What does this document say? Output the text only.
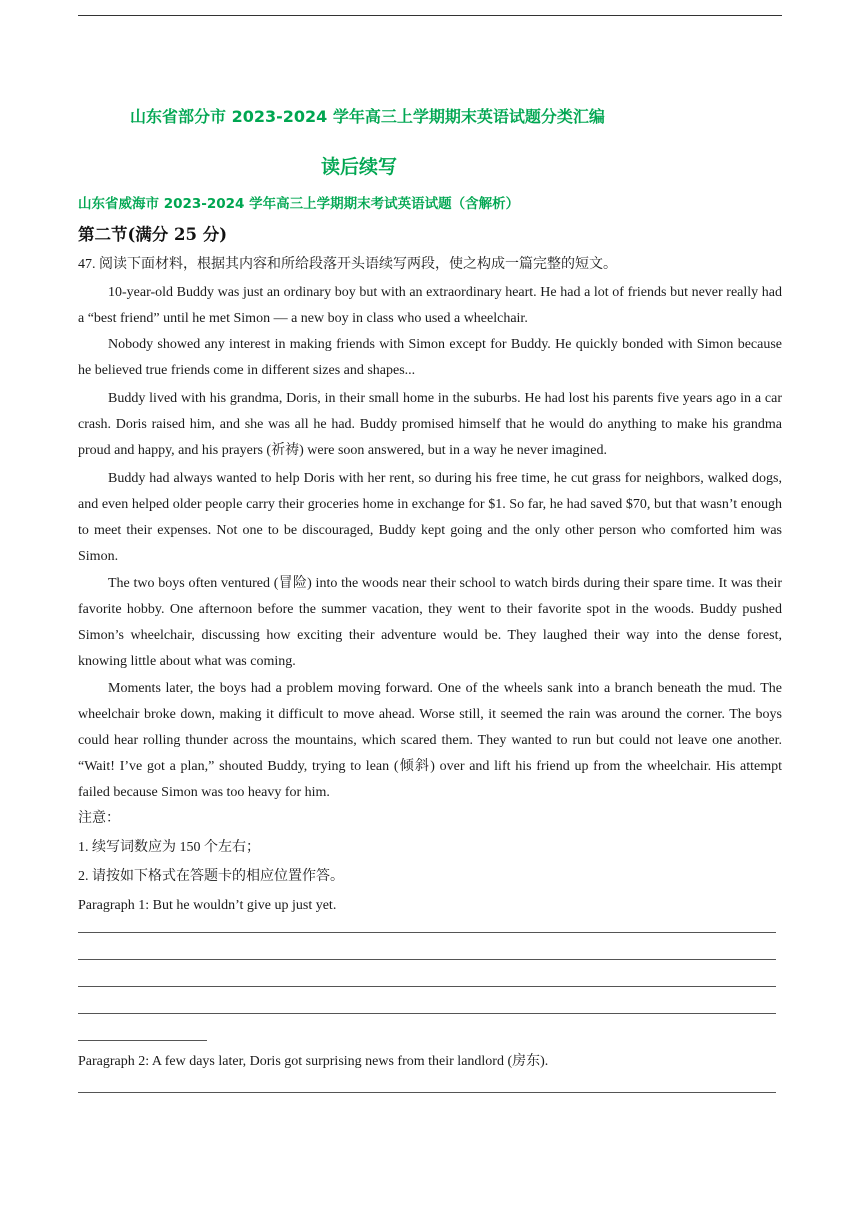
山东省部分市 2023-2024 学年高三上学期期末英语试题分类汇编
读后续写
山东省威海市 2023-2024 学年高三上学期期末考试英语试题（含解析）
第二节(满分 25 分)

47. 阅读下面材料，根据其内容和所给段落开头语续写两段，使之构成一篇完整的短文。

10-year-old Buddy was just an ordinary boy but with an extraordinary heart. He had a lot of friends but never really had a “best friend” until he met Simon — a new boy in class who used a wheelchair.

Nobody showed any interest in making friends with Simon except for Buddy. He quickly bonded with Simon because he believed true friends come in different sizes and shapes...

Buddy lived with his grandma, Doris, in their small home in the suburbs. He had lost his parents five years ago in a car crash. Doris raised him, and she was all he had. Buddy promised himself that he would do anything to make his grandma proud and happy, and his prayers (祈祷) were soon answered, but in a way he never imagined.

Buddy had always wanted to help Doris with her rent, so during his free time, he cut grass for neighbors, walked dogs, and even helped older people carry their groceries home in exchange for $1. So far, he had saved $70, but that wasn’t enough to meet their expenses. Not one to be discouraged, Buddy kept going and the only other person who comforted him was Simon.

The two boys often ventured (冒险) into the woods near their school to watch birds during their spare time. It was their favorite hobby. One afternoon before the summer vacation, they went to their favorite spot in the woods. Buddy pushed Simon’s wheelchair, discussing how exciting their adventure would be. They laughed their way into the dense forest, knowing little about what was coming.

Moments later, the boys had a problem moving forward. One of the wheels sank into a branch beneath the mud. The wheelchair broke down, making it difficult to move ahead. Worse still, it seemed the rain was around the corner. The boys could hear rolling thunder across the mountains, which scared them. They wanted to run but could not leave one another. “Wait! I’ve got a plan,” shouted Buddy, trying to lean (倾斜) over and lift his friend up from the wheelchair. His attempt failed because Simon was too heavy for him.

注意：

1. 续写词数应为 150 个左右；

2. 请按如下格式在答题卡的相应位置作答。

Paragraph 1: But he wouldn’t give up just yet.

Paragraph 2: A few days later, Doris got surprising news from their landlord (房东).
